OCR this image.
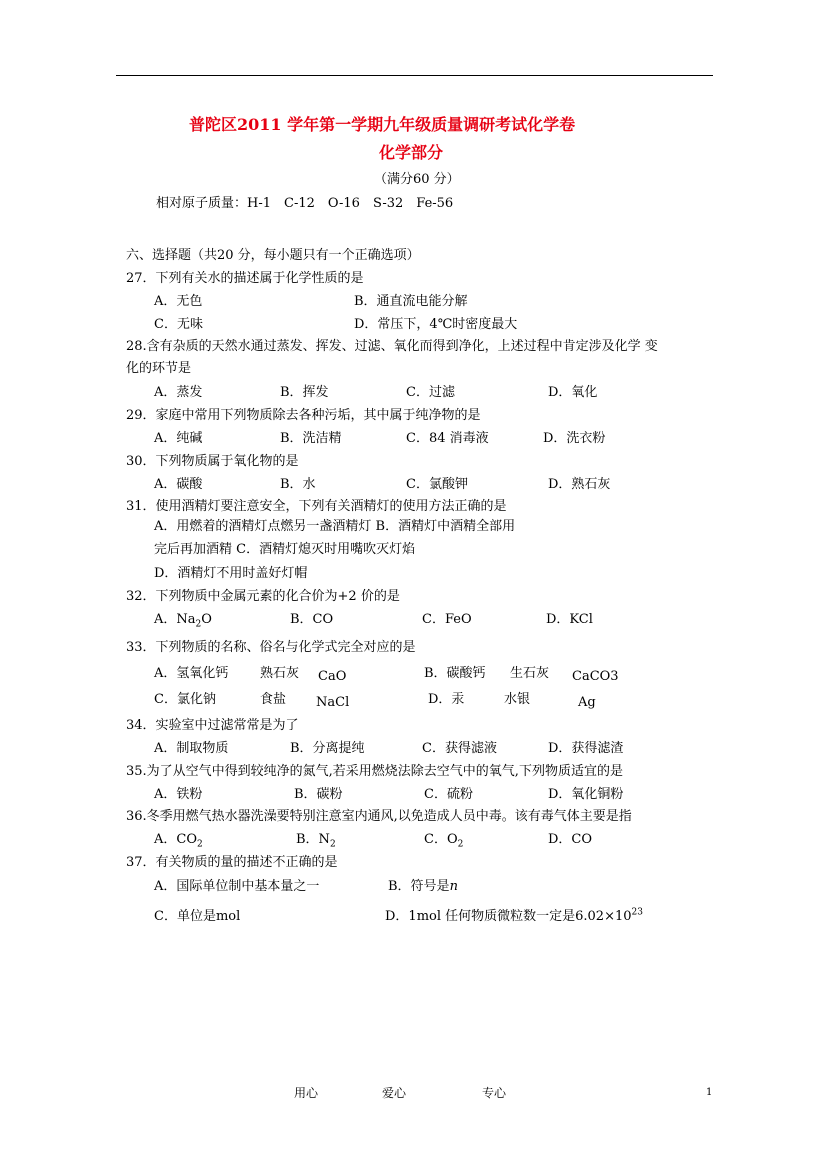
普陀区2011 学年第一学期九年级质量调研考试化学卷
化学部分
（满分60 分）
相对原子质量：H-1　C-12　O-16　S-32　Fe-56
六、选择题（共20 分，每小题只有一个正确选项）
27．下列有关水的描述属于化学性质的是
A．无色	B．通直流电能分解
C．无味	D．常压下，4℃时密度最大
28.含有杂质的天然水通过蒸发、挥发、过滤、氧化而得到净化，上述过程中肯定涉及化学 变
化的环节是
A．蒸发	B．挥发	C．过滤	D．氧化
29．家庭中常用下列物质除去各种污垢，其中属于纯净物的是
A．纯碱	B．洗洁精	C．84 消毒液	D．洗衣粉
30．下列物质属于氧化物的是
A．碳酸	B．水	C．氯酸钾	D．熟石灰
31．使用酒精灯要注意安全，下列有关酒精灯的使用方法正确的是
A．用燃着的酒精灯点燃另一盏酒精灯 B．酒精灯中酒精全部用
完后再加酒精 C．酒精灯熄灭时用嘴吹灭灯焰
D．酒精灯不用时盖好灯帽
32．下列物质中金属元素的化合价为+2 价的是
A．$Na_2O$	B．CO	C．FeO	D．KCl
33．下列物质的名称、俗名与化学式完全对应的是
A．氢氧化钙 熟石灰 CaO	B．碳酸钙 生石灰 CaCO3
C．氯化钠	食盐 NaCl	D．汞	水银	Ag
34．实验室中过滤常常是为了
A．制取物质	B．分离提纯	C．获得滤液	D．获得滤渣
35.为了从空气中得到较纯净的氮气,若采用燃烧法除去空气中的氧气,下列物质适宜的是
A．铁粉	B．碳粉	C．硫粉	D．氧化铜粉
36.冬季用燃气热水器洗澡要特别注意室内通风,以免造成人员中毒。该有毒气体主要是指
A．$CO_2$	B．$N_2$	C．$O_2$	D．CO
37．有关物质的量的描述不正确的是
A．国际单位制中基本量之一	B．符号是n
C．单位是mol	D．1mol 任何物质微粒数一定是$6.02\times 10^{23}$
用心	爱心	专心	1
